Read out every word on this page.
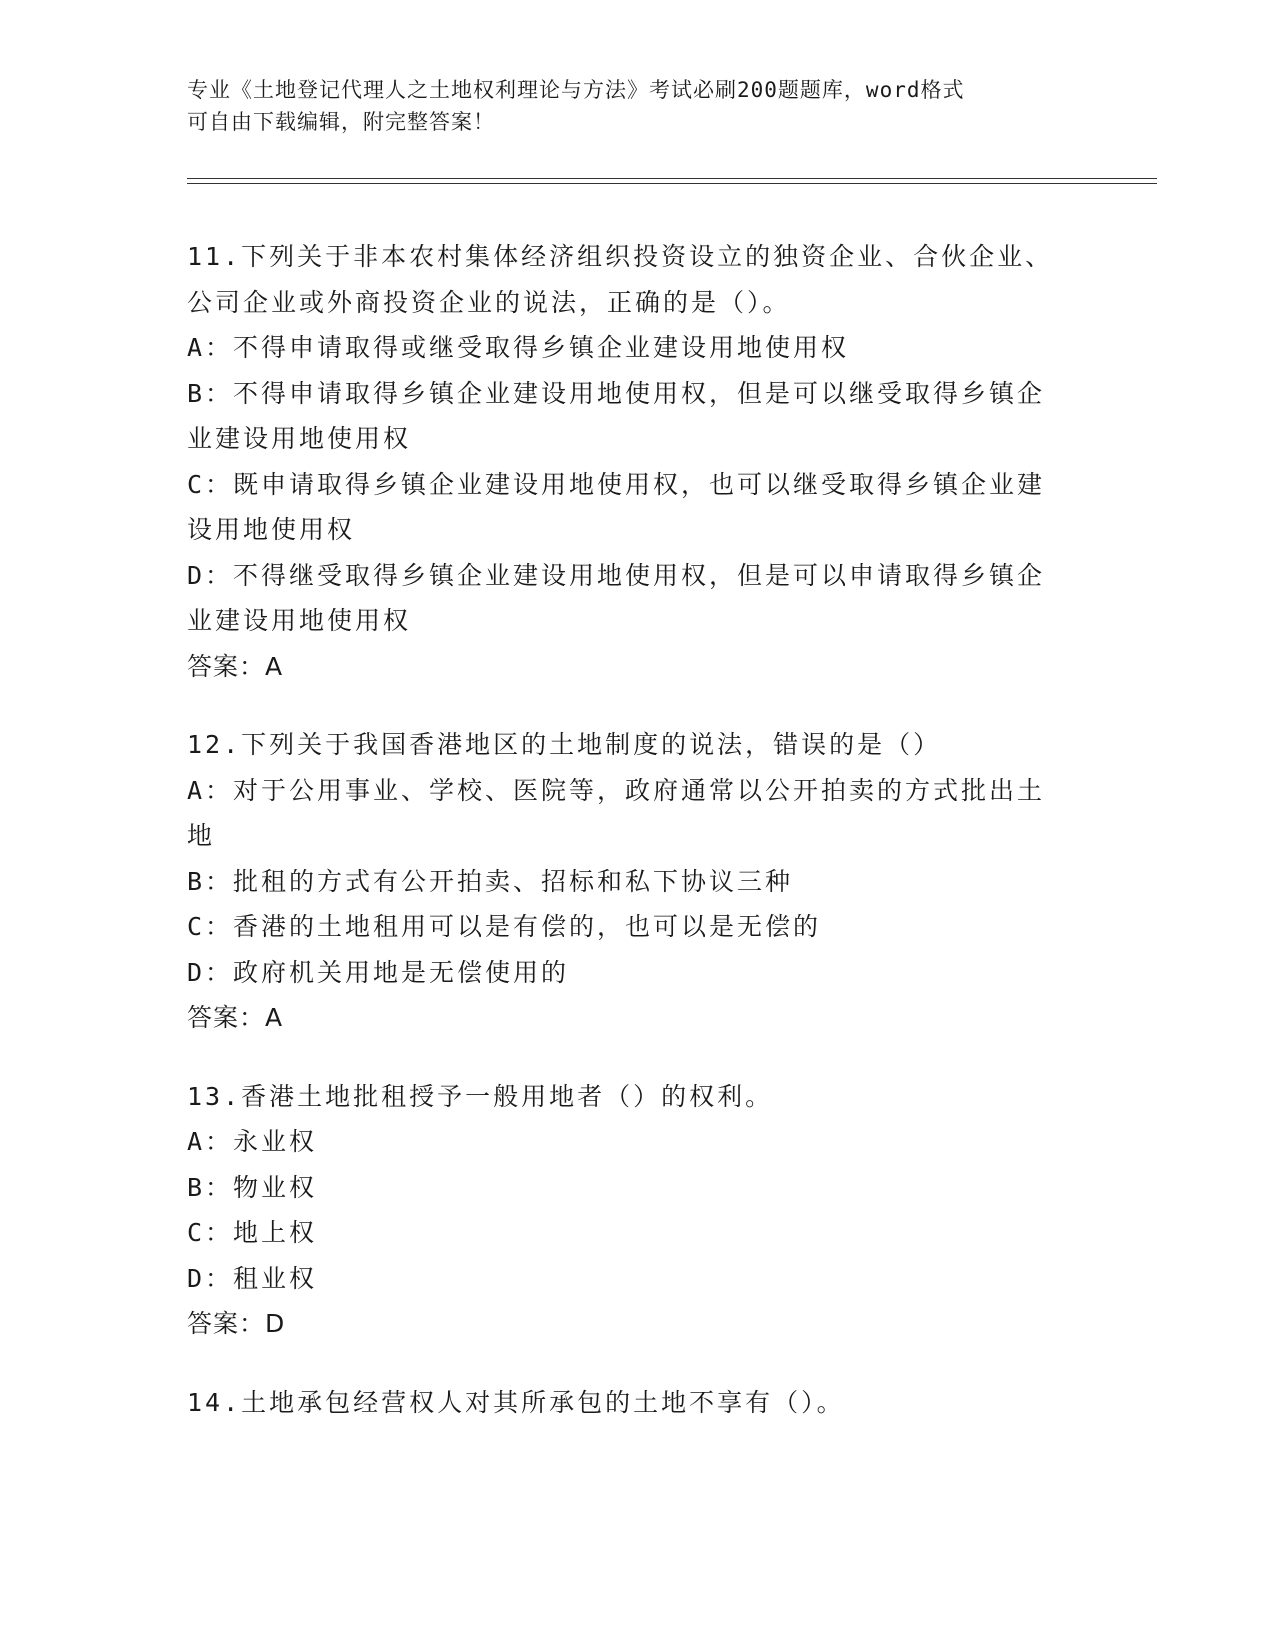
专业《土地登记代理人之土地权利理论与方法》考试必刷200题题库，word格式
可自由下载编辑，附完整答案！
11.下列关于非本农村集体经济组织投资设立的独资企业、合伙企业、
公司企业或外商投资企业的说法，正确的是（）。
A：不得申请取得或继受取得乡镇企业建设用地使用权
B：不得申请取得乡镇企业建设用地使用权，但是可以继受取得乡镇企
业建设用地使用权
C：既申请取得乡镇企业建设用地使用权，也可以继受取得乡镇企业建
设用地使用权
D：不得继受取得乡镇企业建设用地使用权，但是可以申请取得乡镇企
业建设用地使用权
答案：A
12.下列关于我国香港地区的土地制度的说法，错误的是（）
A：对于公用事业、学校、医院等，政府通常以公开拍卖的方式批出土
地
B：批租的方式有公开拍卖、招标和私下协议三种
C：香港的土地租用可以是有偿的，也可以是无偿的
D：政府机关用地是无偿使用的
答案：A
13.香港土地批租授予一般用地者（）的权利。
A：永业权
B：物业权
C：地上权
D：租业权
答案：D
14.土地承包经营权人对其所承包的土地不享有（）。
